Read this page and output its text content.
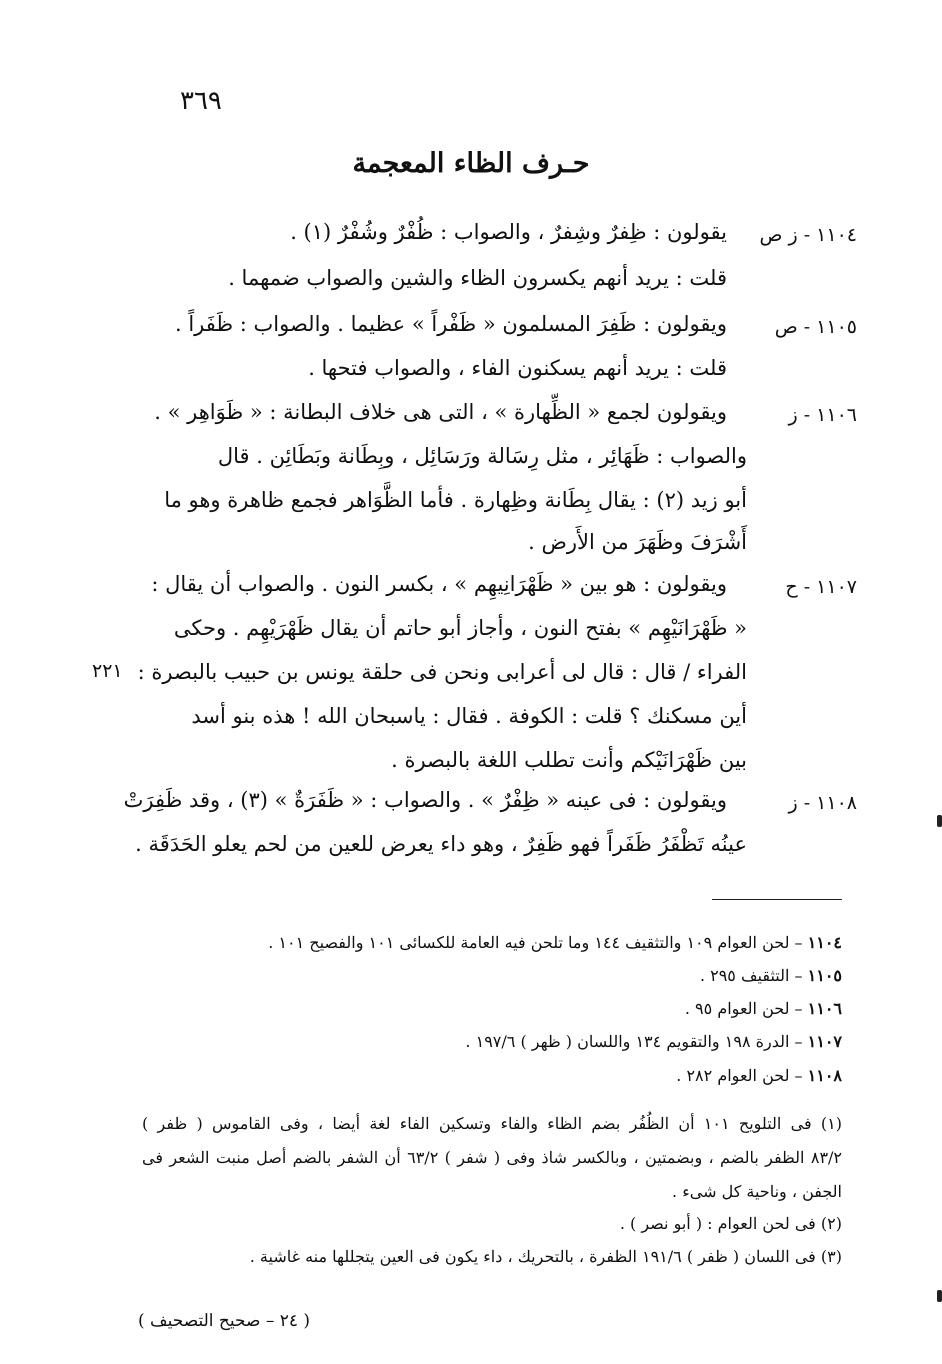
٣٦٩
حـرف الظاء المعجمة
١١٠٤ - ز ص
يقولون : ظِفرٌ وشِفرٌ ، والصواب : ظُفْرٌ وشُفْرٌ (١) .
قلت : يريد أنهم يكسرون الظاء والشين والصواب ضمهما .
١١٠٥ - ص
ويقولون : ظَفِرَ المسلمون « ظَفْراً » عظيما . والصواب : ظَفَراً .
قلت : يريد أنهم يسكنون الفاء ، والصواب فتحها .
١١٠٦ - ز
ويقولون لجمع « الظِّهارة » ، التى هى خلاف البطانة : « ظَوَاهِر » .
والصواب : ظَهَائِر ، مثل رِسَالة ورَسَائِل ، وبِطَانة وبَطَائِن . قال
أبو زيد (٢) : يقال بِطَانة وظِهارة . فأما الظَّوَاهر فجمع ظاهرة وهو ما
أَشْرَفَ وظَهَرَ من الأَرض .
١١٠٧ - ح
ويقولون : هو بين « ظَهْرَانِيهِم » ، بكسر النون . والصواب أن يقال :
« ظَهْرَانَيْهِم » بفتح النون ، وأجاز أبو حاتم أن يقال ظَهْرَيْهِم . وحكى
الفراء / قال : قال لى أعرابى ونحن فى حلقة يونس بن حبيب بالبصرة :
أين مسكنك ؟ قلت : الكوفة . فقال : ياسبحان الله ! هذه بنو أسد
بين ظَهْرَانَيْكم وأنت تطلب اللغة بالبصرة .
٢٢١
١١٠٨ - ز
ويقولون : فى عينه « ظِفْرٌ » . والصواب : « ظَفَرَةٌ » (٣) ، وقد ظَفِرَتْ
عينُه تَظْفَرُ ظَفَراً فهو ظَفِرٌ ، وهو داء يعرض للعين من لحم يعلو الحَدَقَة .
١١٠٤ – لحن العوام ١٠٩ والتثقيف ١٤٤ وما تلحن فيه العامة للكسائى ١٠١ والفصيح ١٠١ .
١١٠٥ – التثقيف ٢٩٥ .
١١٠٦ – لحن العوام ٩٥ .
١١٠٧ – الدرة ١٩٨ والتقويم ١٣٤ واللسان ( ظهر ) ١٩٧/٦ .
١١٠٨ – لحن العوام ٢٨٢ .
(١) فى التلويح ١٠١ أن الظُفُر بضم الظاء والفاء وتسكين الفاء لغة أيضا ، وفى القاموس ( ظفر )
٨٣/٢ الظفر بالضم ، وبضمتين ، وبالكسر شاذ وفى ( شفر ) ٦٣/٢ أن الشفر بالضم أصل منبت الشعر فى
الجفن ، وناحية كل شىء .
(٢) فى لحن العوام : ( أبو نصر ) .
(٣) فى اللسان ( ظفر ) ١٩١/٦ الظفرة ، بالتحريك ، داء يكون فى العين يتجللها منه غاشية .
( ٢٤ – صحيح التصحيف )
